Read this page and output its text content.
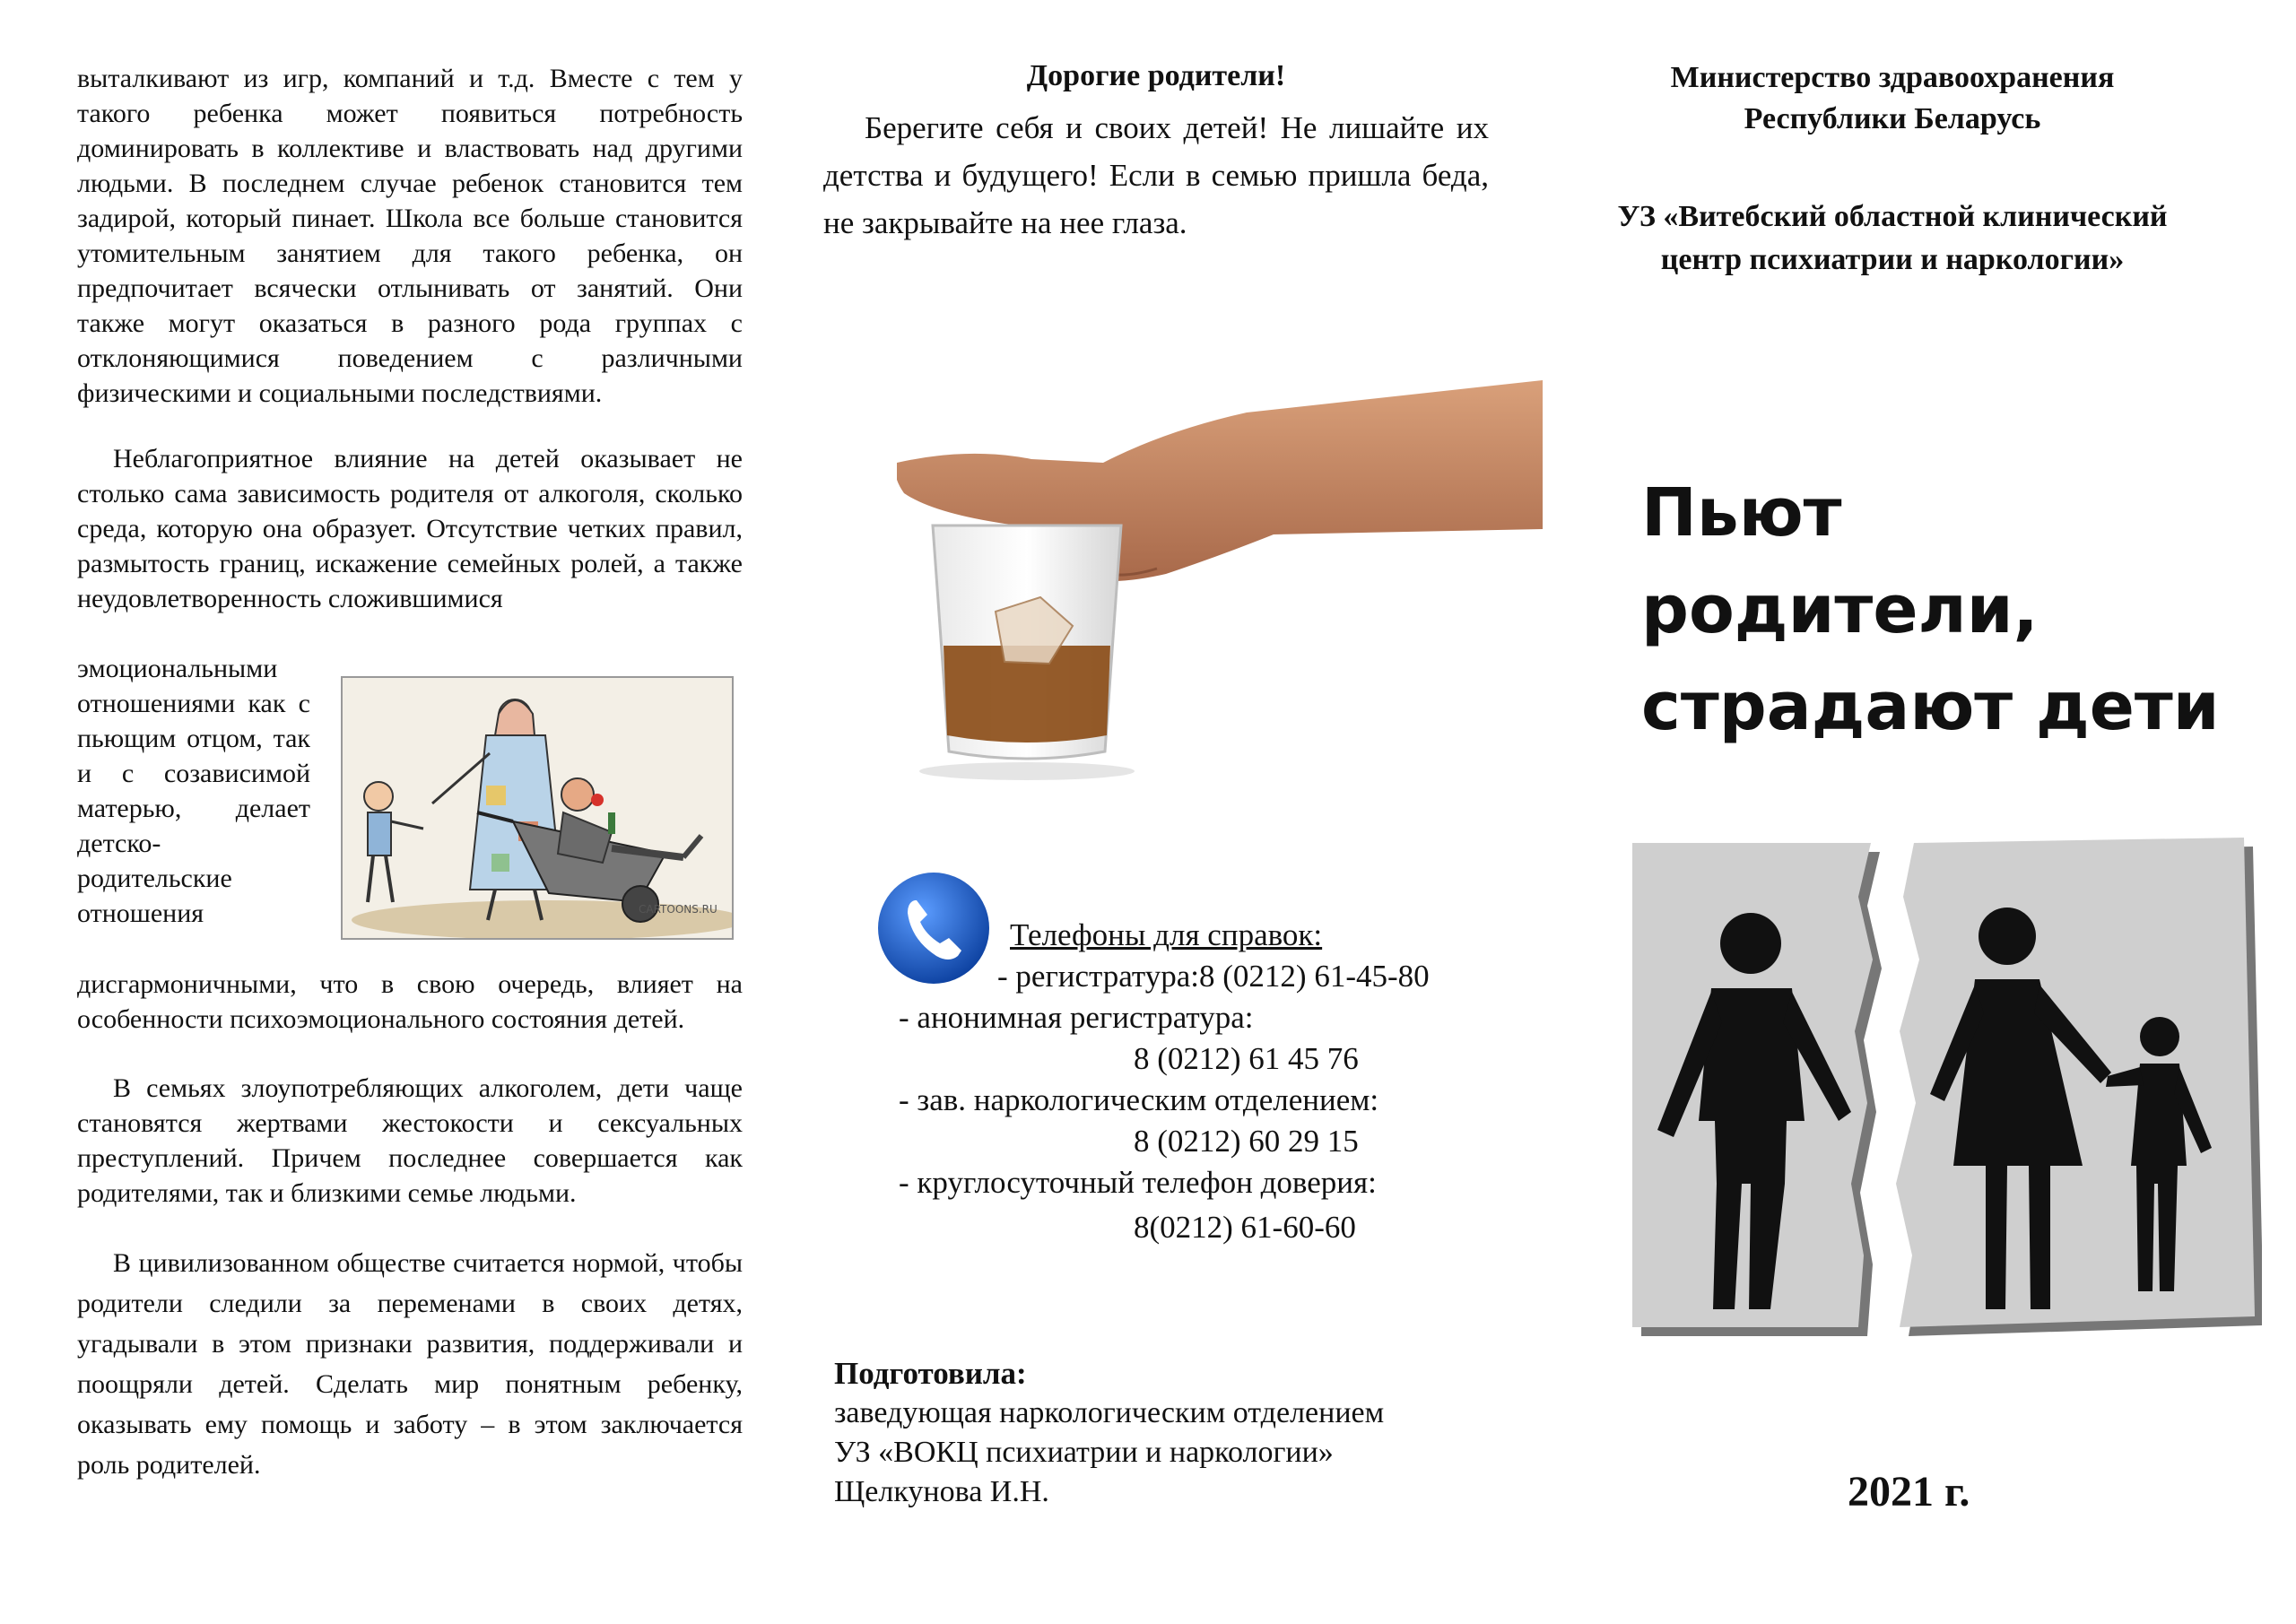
выталкивают из игр, компаний и т.д. Вместе с тем у такого ребенка может появиться потребность доминировать в коллективе и властвовать над другими людьми. В последнем случае ребенок становится тем задирой, который пинает. Школа все больше становится утомительным занятием для такого ребенка, он предпочитает всячески отлынивать от занятий. Они также могут оказаться в разного рода группах с отклоняющимися поведением с различными физическими и социальными последствиями.

Неблагоприятное влияние на детей оказывает не столько сама зависимость родителя от алкоголя, сколько среда, которую она образует. Отсутствие четких правил, размытость границ, искажение семейных ролей, а также неудовлетворенность сложившимися

эмоциональными отношениями как с пьющим отцом, так и с созависимой матерью, делает детско-родительские отношения	CARTOONS.RU

дисгармоничными, что в свою очередь, влияет на особенности психоэмоционального состояния детей.

В семьях злоупотребляющих алкоголем, дети чаще становятся жертвами жестокости и сексуальных преступлений. Причем последнее совершается как родителями, так и близкими семье людьми.

В цивилизованном обществе считается нормой, чтобы родители следили за переменами в своих детях, угадывали в этом признаки развития, поддерживали и поощряли детей. Сделать мир понятным ребенку, оказывать ему помощь и заботу – в этом заключается роль родителей.

Дорогие родители!

Берегите себя и своих детей! Не лишайте их детства и будущего! Если в семью пришла беда, не закрывайте на нее глаза.

Телефоны для справок:
- регистратура:8 (0212) 61-45-80
- анонимная регистратура:
8 (0212) 61 45 76
- зав. наркологическим отделением:
8 (0212) 60 29 15
- круглосуточный телефон доверия:
8(0212) 61-60-60
Подготовила:
заведующая наркологическим отделением
УЗ «ВОКЦ психиатрии и наркологии»
Щелкунова И.Н.

Министерство здравоохранения
Республики Беларусь

УЗ «Витебский областной клинический
центр психиатрии и наркологии»

Пьют родители,
страдают дети

2021 г.
